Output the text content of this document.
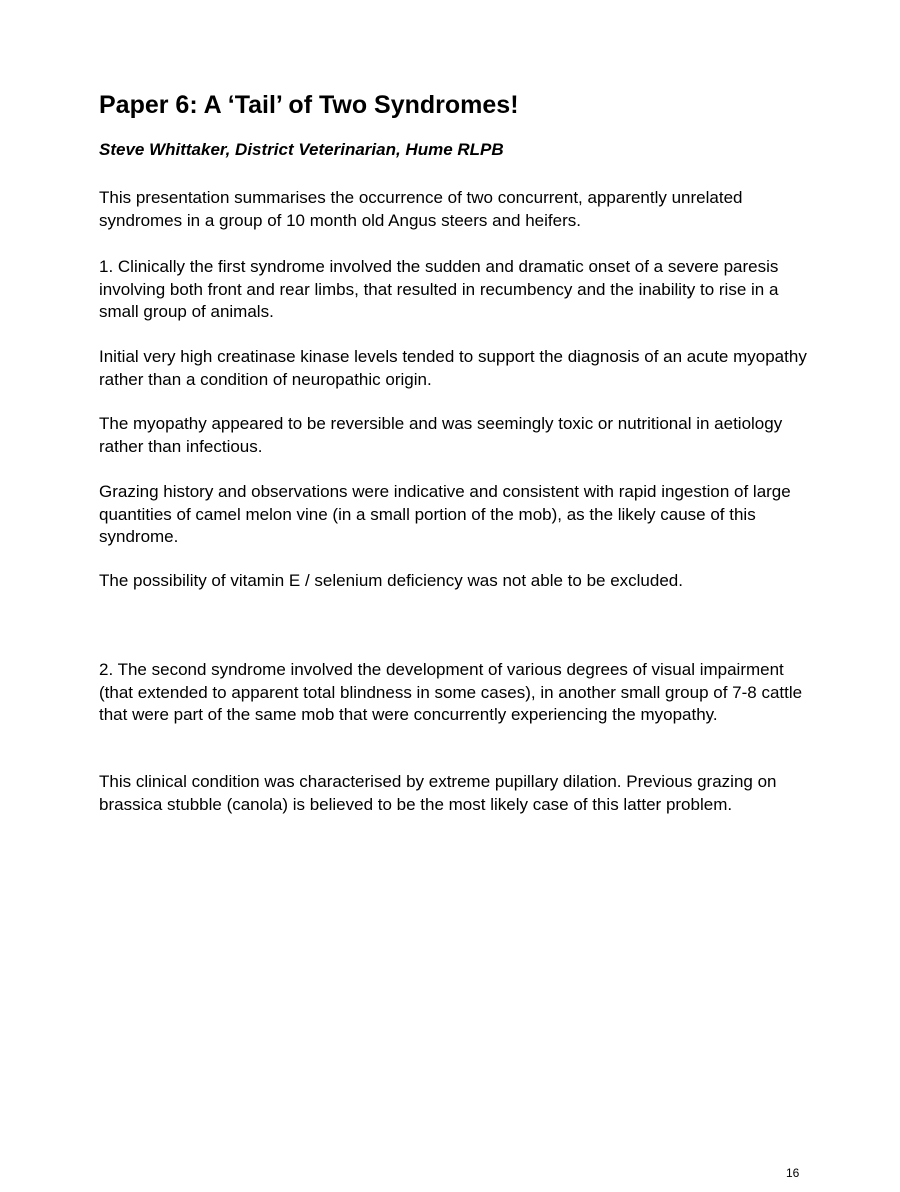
Paper 6: A ‘Tail’ of Two Syndromes!

Steve Whittaker, District Veterinarian, Hume RLPB

This presentation summarises the occurrence of two concurrent, apparently unrelated syndromes in a group of 10 month old Angus steers and heifers.

1. Clinically the first syndrome involved the sudden and dramatic onset of a severe paresis involving both front and rear limbs, that resulted in recumbency and the inability to rise in a small group of animals.

Initial very high creatinase kinase levels tended to support the diagnosis of an acute myopathy rather than a condition of neuropathic origin.

The myopathy appeared to be reversible and was seemingly toxic or nutritional in aetiology rather than infectious.

Grazing history and observations were indicative and consistent with rapid ingestion of large quantities of camel melon vine (in a small portion of the mob), as the likely cause of this syndrome.

The possibility of vitamin E / selenium deficiency was not able to be excluded.

2. The second syndrome involved the development of various degrees of visual impairment (that extended to apparent total blindness in some cases), in another small group of 7-8 cattle that were part of the same mob that were concurrently experiencing the myopathy.

This clinical condition was characterised by extreme pupillary dilation. Previous grazing on brassica stubble (canola) is believed to be the most likely case of this latter problem.

16
